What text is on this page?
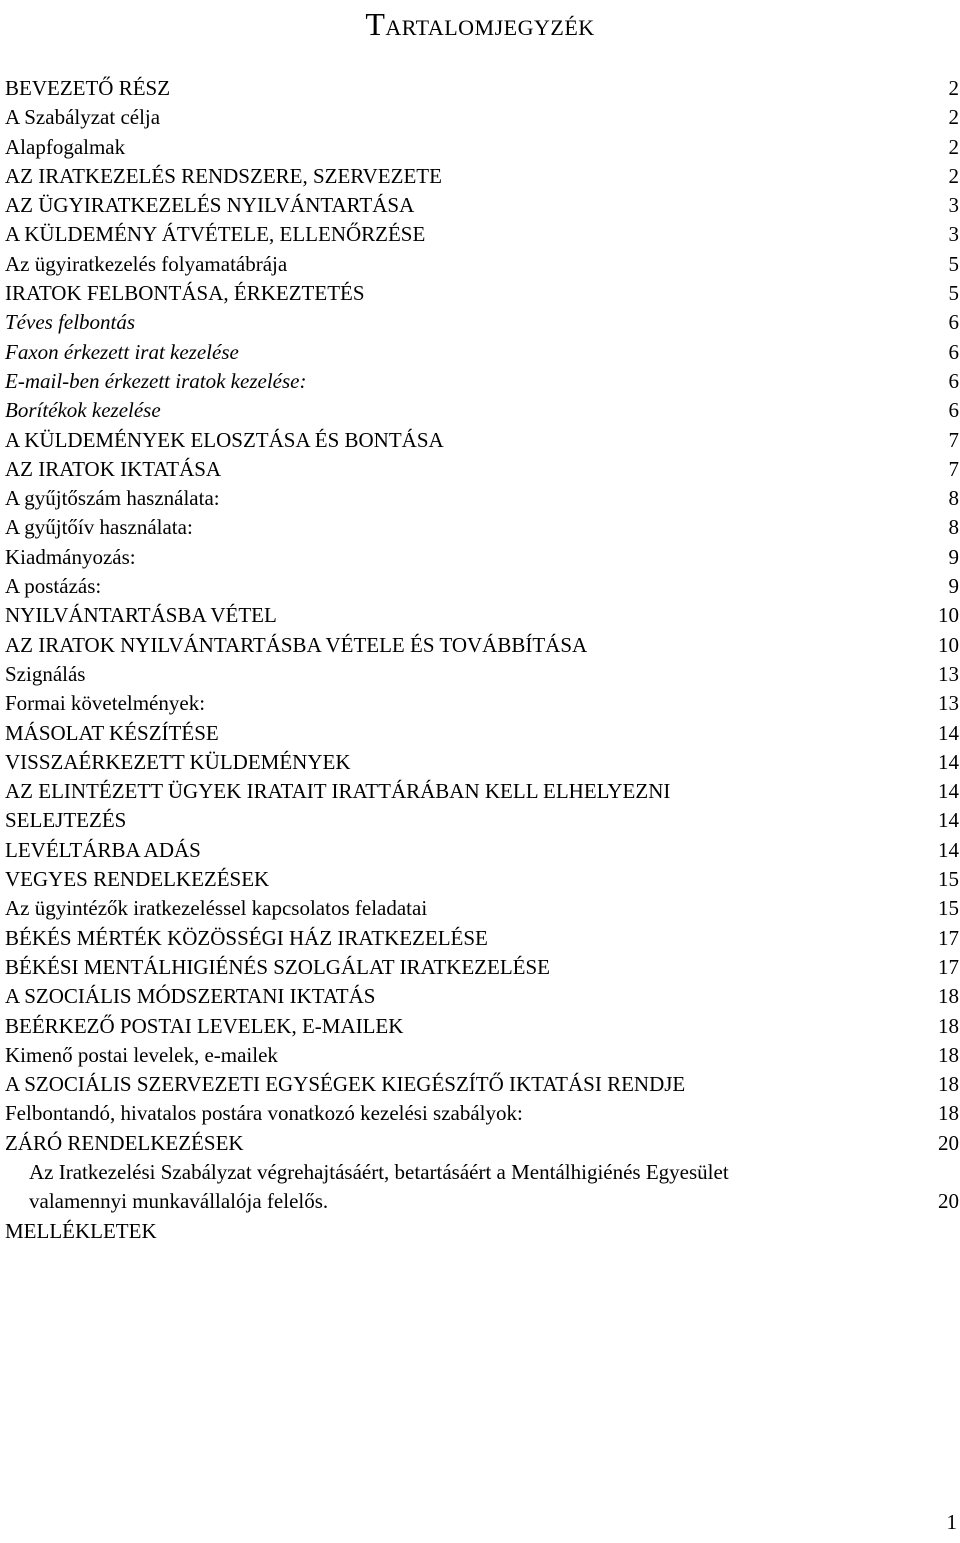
Tartalomjegyzék
BEVEZETŐ RÉSZ	2
A Szabályzat célja	2
Alapfogalmak	2
AZ IRATKEZELÉS RENDSZERE, SZERVEZETE	2
AZ ÜGYIRATKEZELÉS NYILVÁNTARTÁSA	3
A KÜLDEMÉNY ÁTVÉTELE, ELLENŐRZÉSE	3
Az ügyiratkezelés folyamatábrája	5
IRATOK FELBONTÁSA, ÉRKEZTETÉS	5
Téves felbontás	6
Faxon érkezett irat kezelése	6
E-mail-ben érkezett iratok kezelése:	6
Borítékok kezelése	6
A KÜLDEMÉNYEK ELOSZTÁSA ÉS BONTÁSA	7
AZ IRATOK IKTATÁSA	7
A gyűjtőszám használata:	8
A gyűjtőív használata:	8
Kiadmányozás:	9
A postázás:	9
NYILVÁNTARTÁSBA VÉTEL	10
AZ IRATOK NYILVÁNTARTÁSBA VÉTELE ÉS TOVÁBBÍTÁSA	10
Szignálás	13
Formai követelmények:	13
MÁSOLAT KÉSZÍTÉSE	14
VISSZAÉRKEZETT KÜLDEMÉNYEK	14
AZ ELINTÉZETT ÜGYEK IRATAIT IRATTÁRÁBAN KELL ELHELYEZNI	14
SELEJTEZÉS	14
LEVÉLTÁRBA ADÁS	14
VEGYES RENDELKEZÉSEK	15
Az ügyintézők iratkezeléssel kapcsolatos feladatai	15
BÉKÉS MÉRTÉK KÖZÖSSÉGI HÁZ IRATKEZELÉSE	17
BÉKÉSI MENTÁLHIGIÉNÉS SZOLGÁLAT IRATKEZELÉSE	17
A SZOCIÁLIS MÓDSZERTANI IKTATÁS	18
BEÉRKEZŐ POSTAI LEVELEK, E-MAILEK	18
Kimenő postai levelek, e-mailek	18
A SZOCIÁLIS SZERVEZETI EGYSÉGEK KIEGÉSZÍTŐ IKTATÁSI RENDJE	18
Felbontandó, hivatalos postára vonatkozó kezelési szabályok:	18
ZÁRÓ RENDELKEZÉSEK	20
Az Iratkezelési Szabályzat végrehajtásáért, betartásáért a Mentálhigiénés Egyesület
valamennyi munkavállalója felelős.	20
MELLÉKLETEK
1
